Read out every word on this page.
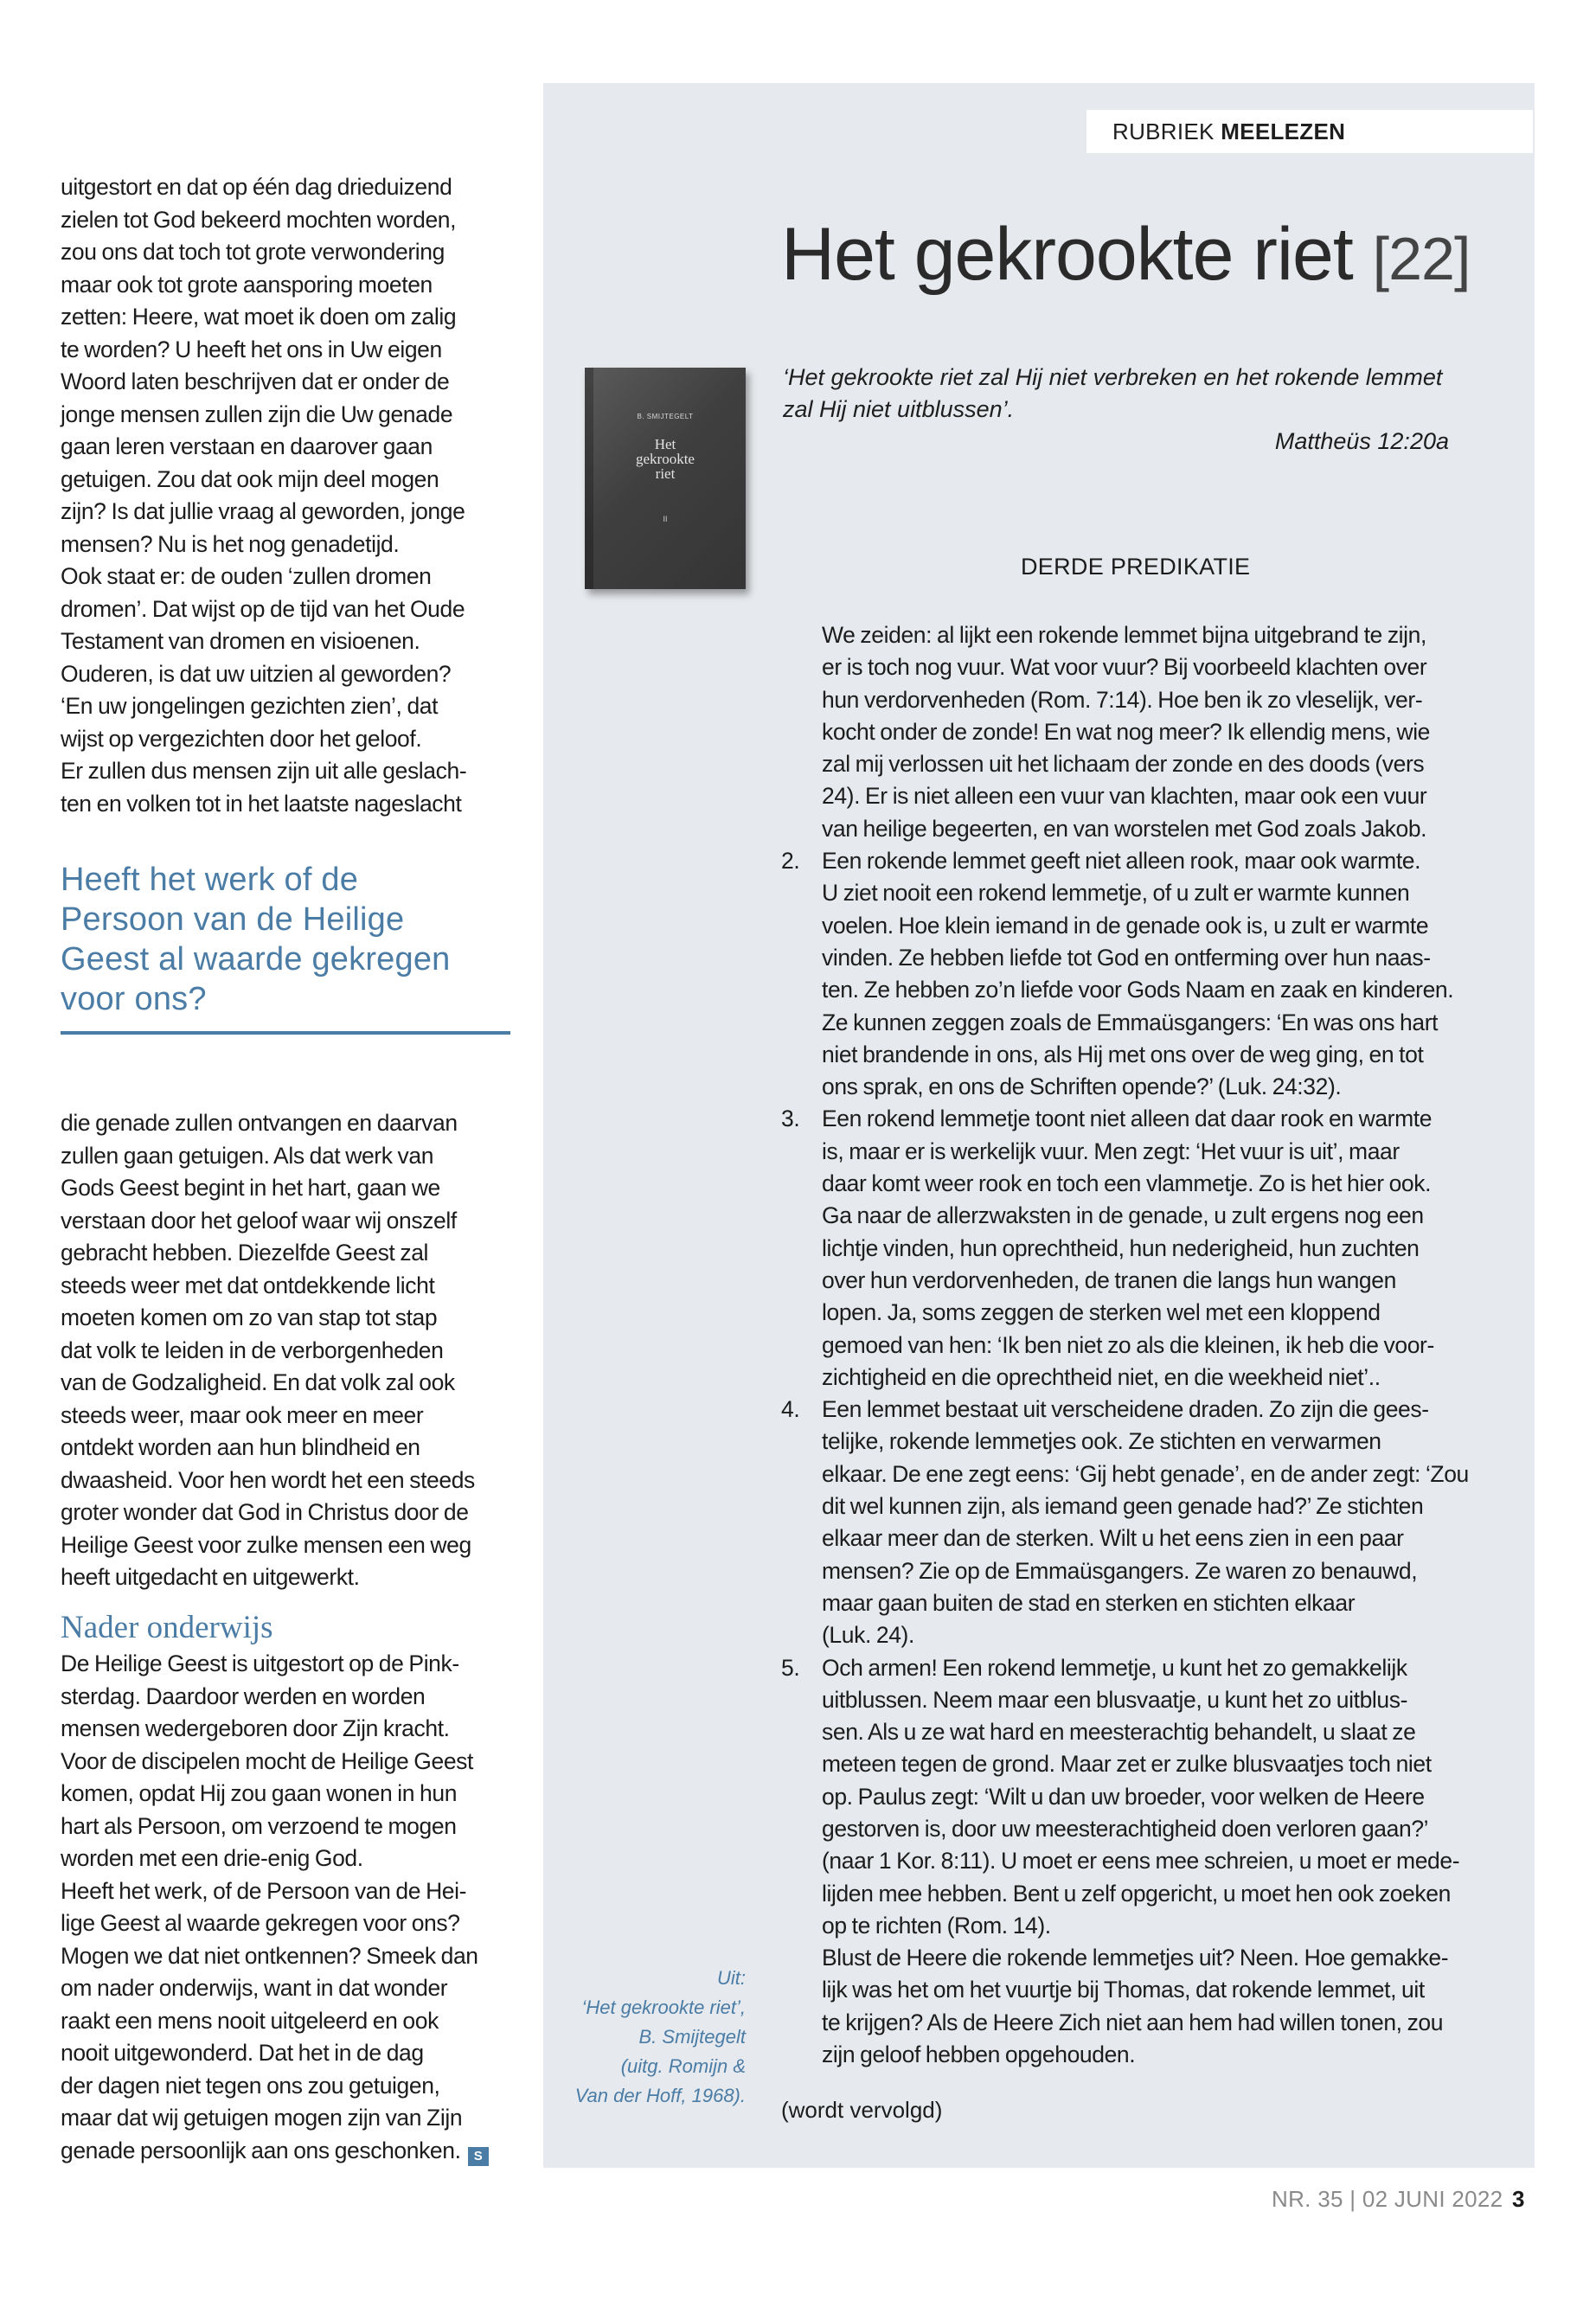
uitgestort en dat op één dag drieduizend
zielen tot God bekeerd mochten worden,
zou ons dat toch tot grote verwondering
maar ook tot grote aansporing moeten
zetten: Heere, wat moet ik doen om zalig
te worden? U heeft het ons in Uw eigen
Woord laten beschrijven dat er onder de
jonge mensen zullen zijn die Uw genade
gaan leren verstaan en daarover gaan
getuigen. Zou dat ook mijn deel mogen
zijn? Is dat jullie vraag al geworden, jonge
mensen? Nu is het nog genadetijd.
Ook staat er: de ouden ‘zullen dromen
dromen’. Dat wijst op de tijd van het Oude
Testament van dromen en visioenen.
Ouderen, is dat uw uitzien al geworden?
‘En uw jongelingen gezichten zien’, dat
wijst op vergezichten door het geloof.
Er zullen dus mensen zijn uit alle geslach-
ten en volken tot in het laatste nageslacht
Heeft het werk of de
Persoon van de Heilige
Geest al waarde gekregen
voor ons?
die genade zullen ontvangen en daarvan
zullen gaan getuigen. Als dat werk van
Gods Geest begint in het hart, gaan we
verstaan door het geloof waar wij onszelf
gebracht hebben. Diezelfde Geest zal
steeds weer met dat ontdekkende licht
moeten komen om zo van stap tot stap
dat volk te leiden in de verborgenheden
van de Godzaligheid. En dat volk zal ook
steeds weer, maar ook meer en meer
ontdekt worden aan hun blindheid en
dwaasheid. Voor hen wordt het een steeds
groter wonder dat God in Christus door de
Heilige Geest voor zulke mensen een weg
heeft uitgedacht en uitgewerkt.
Nader onderwijs
De Heilige Geest is uitgestort op de Pink-
sterdag. Daardoor werden en worden
mensen wedergeboren door Zijn kracht.
Voor de discipelen mocht de Heilige Geest
komen, opdat Hij zou gaan wonen in hun
hart als Persoon, om verzoend te mogen
worden met een drie-enig God.
Heeft het werk, of de Persoon van de Hei-
lige Geest al waarde gekregen voor ons?
Mogen we dat niet ontkennen? Smeek dan
om nader onderwijs, want in dat wonder
raakt een mens nooit uitgeleerd en ook
nooit uitgewonderd. Dat het in de dag
der dagen niet tegen ons zou getuigen,
maar dat wij getuigen mogen zijn van Zijn
genade persoonlijk aan ons geschonken. S
RUBRIEK MEELEZEN
Het gekrookte riet [22]
B. SMIJTEGELT
Het
gekrookte
riet
II
‘Het gekrookte riet zal Hij niet verbreken en het rokende lemmet
zal Hij niet uitblussen’.
Mattheüs 12:20a
DERDE PREDIKATIE
We zeiden: al lijkt een rokende lemmet bijna uitgebrand te zijn,
er is toch nog vuur. Wat voor vuur? Bij voorbeeld klachten over
hun verdorvenheden (Rom. 7:14). Hoe ben ik zo vleselijk, ver-
kocht onder de zonde! En wat nog meer? Ik ellendig mens, wie
zal mij verlossen uit het lichaam der zonde en des doods (vers
24). Er is niet alleen een vuur van klachten, maar ook een vuur
van heilige begeerten, en van worstelen met God zoals Jakob.
2. Een rokende lemmet geeft niet alleen rook, maar ook warmte.
U ziet nooit een rokend lemmetje, of u zult er warmte kunnen
voelen. Hoe klein iemand in de genade ook is, u zult er warmte
vinden. Ze hebben liefde tot God en ontferming over hun naas-
ten. Ze hebben zo’n liefde voor Gods Naam en zaak en kinderen.
Ze kunnen zeggen zoals de Emmaüsgangers: ‘En was ons hart
niet brandende in ons, als Hij met ons over de weg ging, en tot
ons sprak, en ons de Schriften opende?’ (Luk. 24:32).
3. Een rokend lemmetje toont niet alleen dat daar rook en warmte
is, maar er is werkelijk vuur. Men zegt: ‘Het vuur is uit’, maar
daar komt weer rook en toch een vlammetje. Zo is het hier ook.
Ga naar de allerzwaksten in de genade, u zult ergens nog een
lichtje vinden, hun oprechtheid, hun nederigheid, hun zuchten
over hun verdorvenheden, de tranen die langs hun wangen
lopen. Ja, soms zeggen de sterken wel met een kloppend
gemoed van hen: ‘Ik ben niet zo als die kleinen, ik heb die voor-
zichtigheid en die oprechtheid niet, en die weekheid niet’..
4. Een lemmet bestaat uit verscheidene draden. Zo zijn die gees-
telijke, rokende lemmetjes ook. Ze stichten en verwarmen
elkaar. De ene zegt eens: ‘Gij hebt genade’, en de ander zegt: ‘Zou
dit wel kunnen zijn, als iemand geen genade had?’ Ze stichten
elkaar meer dan de sterken. Wilt u het eens zien in een paar
mensen? Zie op de Emmaüsgangers. Ze waren zo benauwd,
maar gaan buiten de stad en sterken en stichten elkaar
(Luk. 24).
5. Och armen! Een rokend lemmetje, u kunt het zo gemakkelijk
uitblussen. Neem maar een blusvaatje, u kunt het zo uitblus-
sen. Als u ze wat hard en meesterachtig behandelt, u slaat ze
meteen tegen de grond. Maar zet er zulke blusvaatjes toch niet
op. Paulus zegt: ‘Wilt u dan uw broeder, voor welken de Heere
gestorven is, door uw meesterachtigheid doen verloren gaan?’
(naar 1 Kor. 8:11). U moet er eens mee schreien, u moet er mede-
lijden mee hebben. Bent u zelf opgericht, u moet hen ook zoeken
op te richten (Rom. 14).
Blust de Heere die rokende lemmetjes uit? Neen. Hoe gemakke-
lijk was het om het vuurtje bij Thomas, dat rokende lemmet, uit
te krijgen? Als de Heere Zich niet aan hem had willen tonen, zou
zijn geloof hebben opgehouden.
Uit:
‘Het gekrookte riet’,
B. Smijtegelt
(uitg. Romijn &
Van der Hoff, 1968).
(wordt vervolgd)
NR. 35 | 02 JUNI 2022 3
